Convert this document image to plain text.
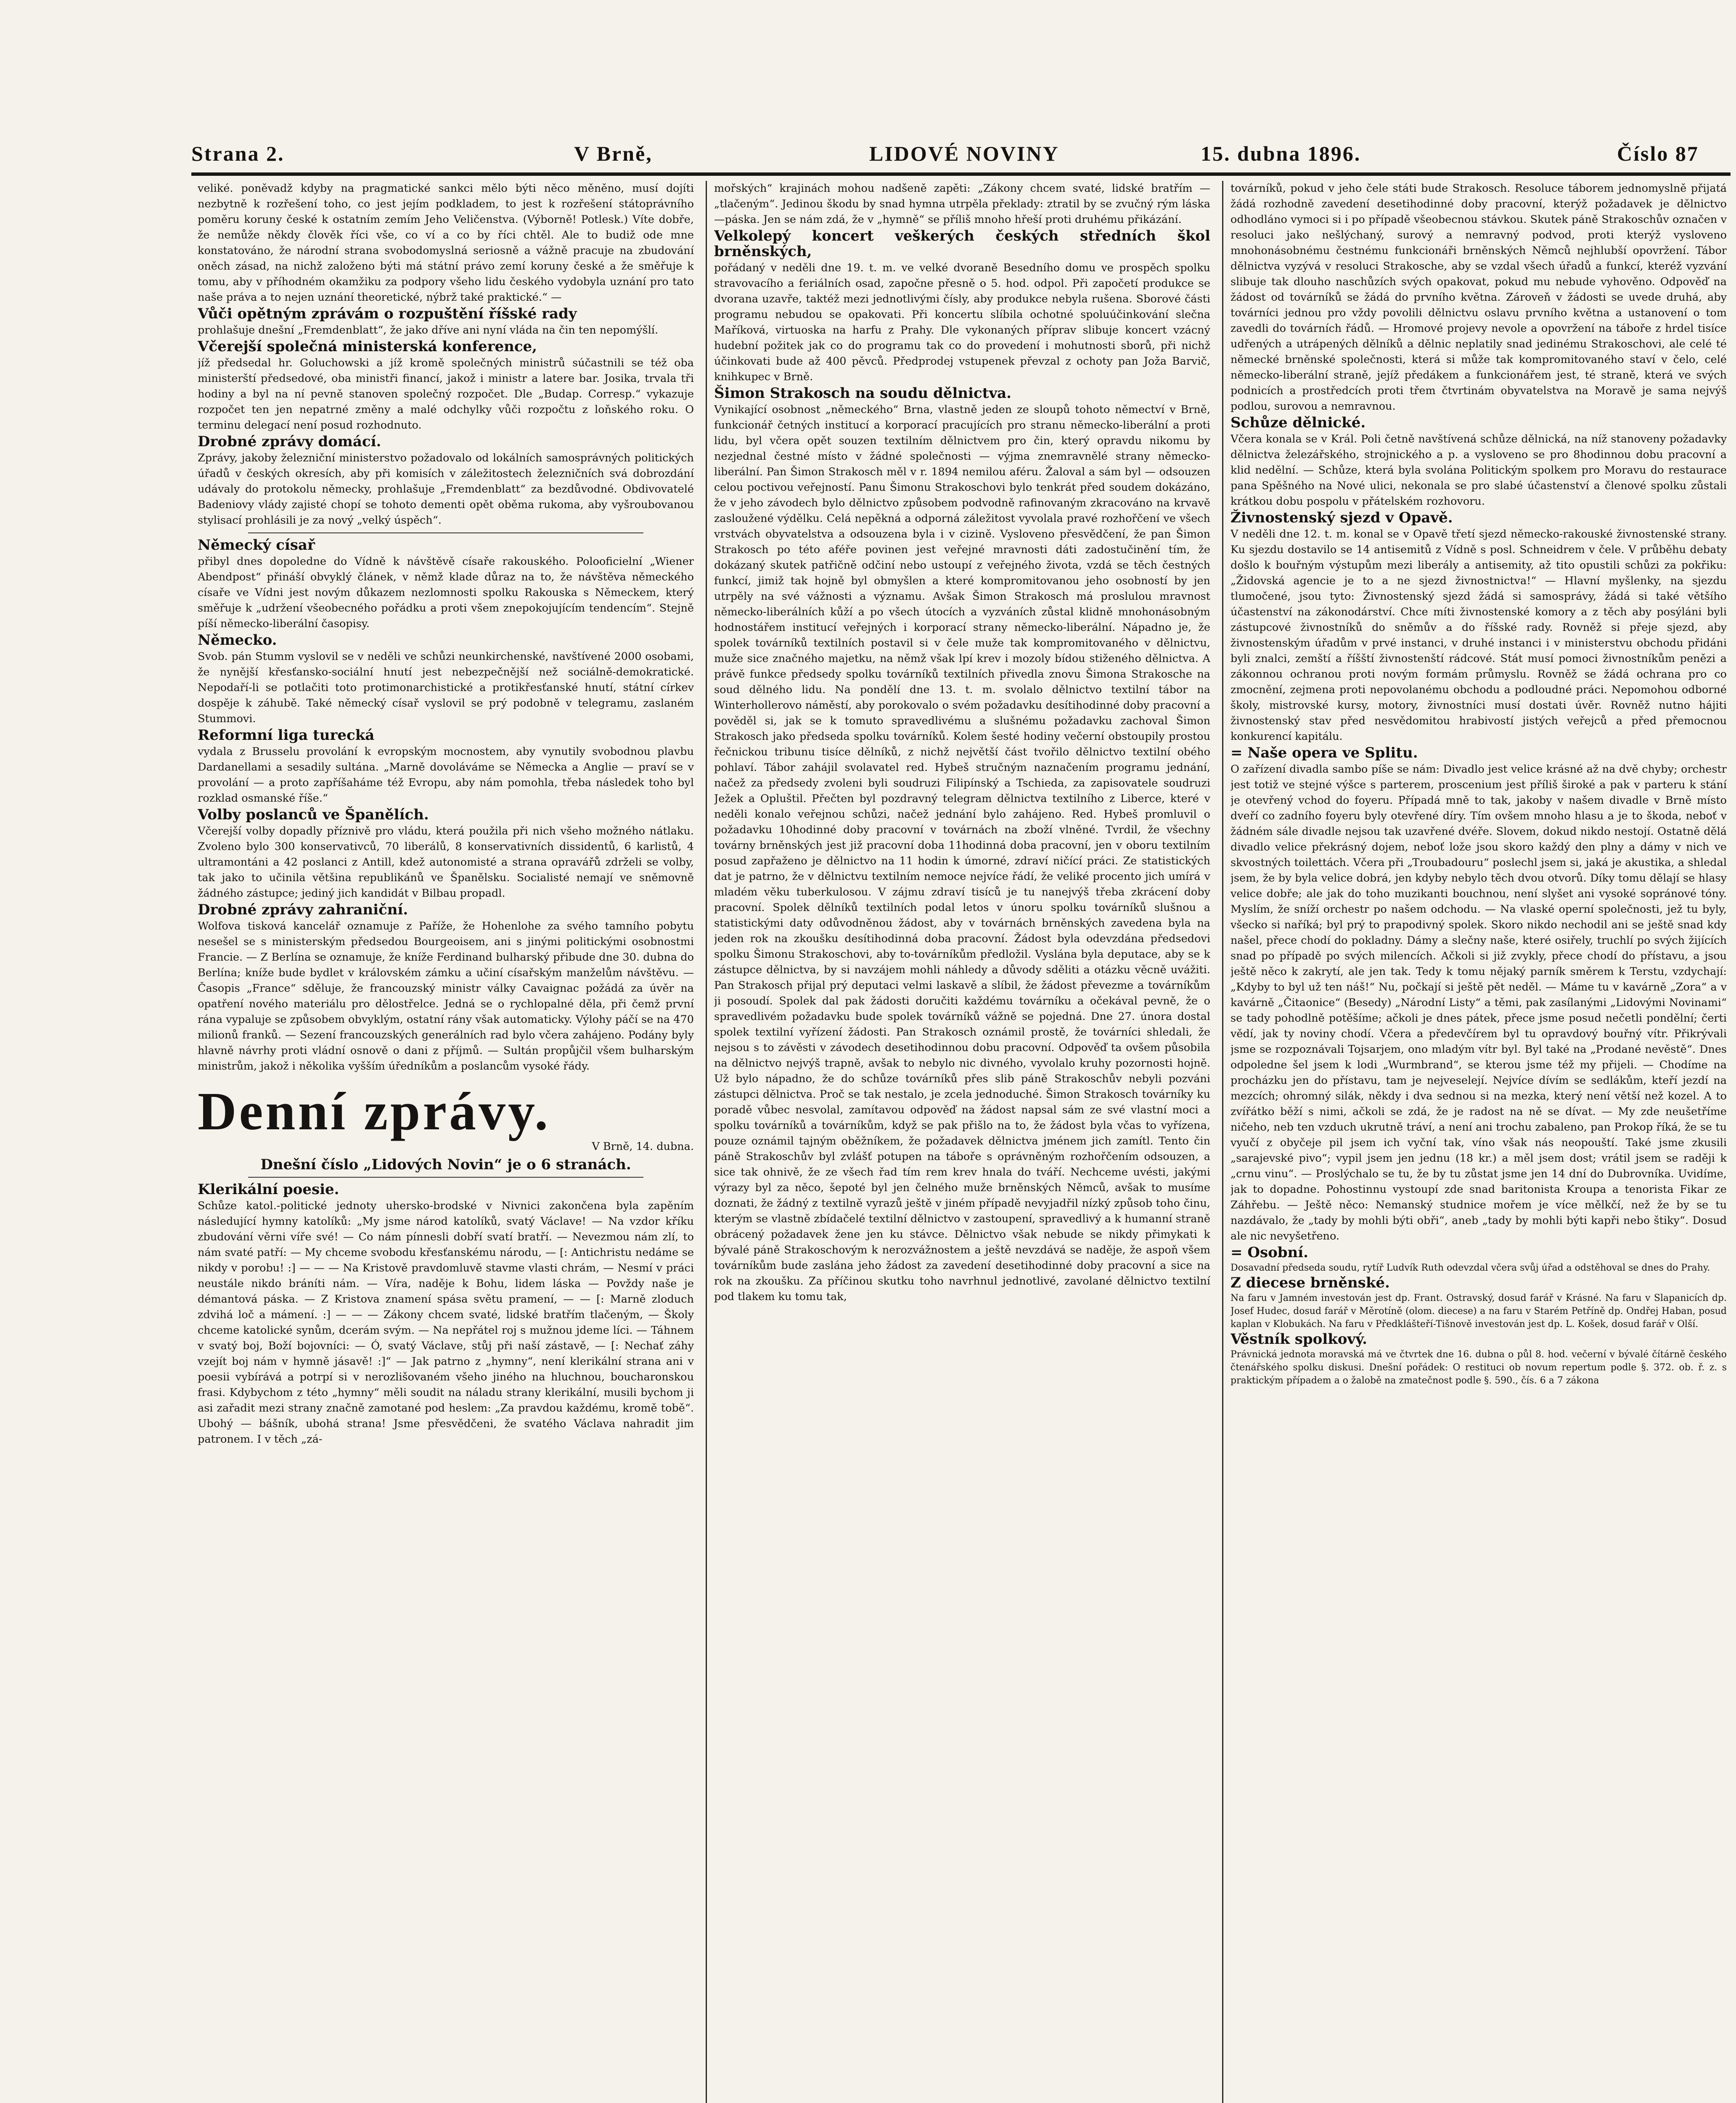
Strana 2.	V Brně,	LIDOVÉ NOVINY	15. dubna 1896.	Číslo 87

veliké. poněvadž kdyby na pragmatické sankci mělo býti něco měněno, musí dojíti nezbytně k rozřešení toho, co jest jejím podkladem, to jest k rozřešení státoprávního poměru koruny české k ostatním zemím Jeho Veličenstva. (Výborně! Potlesk.) Víte dobře, že nemůže někdy člověk říci vše, co ví a co by říci chtěl. Ale to budiž ode mne konstatováno, že národní strana svobodomyslná seriosně a vážně pracuje na zbudování oněch zásad, na nichž založeno býti má státní právo zemí koruny české a že směřuje k tomu, aby v příhodném okamžiku za podpory všeho lidu českého vydobyla uznání pro tato naše práva a to nejen uznání theoretické, nýbrž také praktické.“ —

Vůči opětným zprávám o rozpuštění říšské rady

prohlašuje dnešní „Fremdenblatt“, že jako dříve ani nyní vláda na čin ten nepomýšlí.

Včerejší společná ministerská konference,

jíž předsedal hr. Goluchowski a jíž kromě společných ministrů súčastnili se též oba ministerští předsedové, oba ministři financí, jakož i ministr a latere bar. Josika, trvala tři hodiny a byl na ní pevně stanoven společný rozpočet. Dle „Budap. Corresp.“ vykazuje rozpočet ten jen nepatrné změny a malé odchylky vůči rozpočtu z loňského roku. O terminu delegací není posud rozhodnuto.

Drobné zprávy domácí.

Zprávy, jakoby železniční ministerstvo požadovalo od lokálních samosprávných politických úřadů v českých okresích, aby při komisích v záležitostech železničních svá dobrozdání udávaly do protokolu německy, prohlašuje „Fremdenblatt“ za bezdůvodné. Obdivovatelé Badeniovy vlády zajisté chopí se tohoto dementi opět oběma rukoma, aby vyšroubovanou stylisací prohlásili je za nový „velký úspěch“.

Německý císař

přibyl dnes dopoledne do Vídně k návštěvě císaře rakouského. Polooficielní „Wiener Abendpost“ přináší obvyklý článek, v němž klade důraz na to, že návštěva německého císaře ve Vídni jest novým důkazem nezlomnosti spolku Rakouska s Německem, který směřuje k „udržení všeobecného pořádku a proti všem znepokojujícím tendencím“. Stejně píší německo-liberální časopisy.

Německo.

Svob. pán Stumm vyslovil se v neděli ve schůzi neunkirchenské, navštívené 2000 osobami, že nynější křesťansko-sociální hnutí jest nebezpečnější než sociálně-demokratické. Nepodaří-li se potlačiti toto protimonarchistické a protikřesťanské hnutí, státní církev dospěje k záhubě. Také německý císař vyslovil se prý podobně v telegramu, zaslaném Stummovi.

Reformní liga turecká

vydala z Brusselu provolání k evropským mocnostem, aby vynutily svobodnou plavbu Dardanellami a sesadily sultána. „Marně dovoláváme se Německa a Anglie — praví se v provolání — a proto zapříšaháme též Evropu, aby nám pomohla, třeba následek toho byl rozklad osmanské říše.“

Volby poslanců ve Španělích.

Včerejší volby dopadly příznivě pro vládu, která použila při nich všeho možného nátlaku. Zvoleno bylo 300 konservativců, 70 liberálů, 8 konservativních dissidentů, 6 karlistů, 4 ultramontáni a 42 poslanci z Antill, kdež autonomisté a strana opravářů zdrželi se volby, tak jako to učinila většina republikánů ve Španělsku. Socialisté nemají ve sněmovně žádného zástupce; jediný jich kandidát v Bilbau propadl.

Drobné zprávy zahraniční.

Wolfova tisková kancelář oznamuje z Paříže, že Hohenlohe za svého tamního pobytu nesešel se s ministerským předsedou Bourgeoisem, ani s jinými politickými osobnostmi Francie. — Z Berlína se oznamuje, že kníže Ferdinand bulharský přibude dne 30. dubna do Berlína; kníže bude bydlet v královském zámku a učiní císařským manželům návštěvu. — Časopis „France“ sděluje, že francouzský ministr války Cavaignac požádá za úvěr na opatření nového materiálu pro dělostřelce. Jedná se o rychlopalné děla, při čemž první rána vypaluje se způsobem obvyklým, ostatní rány však automaticky. Výlohy páčí se na 470 milionů franků. — Sezení francouzských generálních rad bylo včera zahájeno. Podány byly hlavně návrhy proti vládní osnově o dani z příjmů. — Sultán propůjčil všem bulharským ministrům, jakož i několika vyšším úředníkům a poslancům vysoké řády.

Denní zprávy.

V Brně, 14. dubna.

Dnešní číslo „Lidových Novin“ je o 6 stranách.

Klerikální poesie.

Schůze katol.-politické jednoty uhersko-brodské v Nivnici zakončena byla zapěním následující hymny katolíků: „My jsme národ katolíků, svatý Václave! — Na vzdor kříku zbudování věrni víře své! — Co nám pínnesli dobří svatí bratří. — Nevezmou nám zlí, to nám svaté patří: — My chceme svobodu křesťanskému národu, — [: Antichristu nedáme se nikdy v porobu! :] — — — Na Kristově pravdomluvě stavme vlasti chrám, — Nesmí v práci neustále nikdo bráníti nám. — Víra, naděje k Bohu, lidem láska — Povždy naše je démantová páska. — Z Kristova znamení spása světu pramení, — — [: Marně zloduch zdvihá loč a mámení. :] — — — Zákony chcem svaté, lidské bratřím tlačeným, — Školy chceme katolické synům, dcerám svým. — Na nepřátel roj s mužnou jdeme líci. — Táhnem v svatý boj, Boží bojovníci: — Ó, svatý Václave, stůj při naší zástavě, — [: Nechať záhy vzejít boj nám v hymně jásavě! :]“ — Jak patrno z „hymny“, není klerikální strana ani v poesii vybírává a potrpí si v nerozlišovaném všeho jiného na hluchnou, boucharonskou frasi. Kdybychom z této „hymny“ měli soudit na náladu strany klerikální, musili bychom ji asi zařadit mezi strany značně zamotané pod heslem: „Za pravdou každému, kromě tobě“. Ubohý — bášník, ubohá strana! Jsme přesvědčeni, že svatého Václava nahradit jim patronem. I v těch „zá-

mořských“ krajinách mohou nadšeně zapěti: „Zákony chcem svaté, lidské bratřím — „tlačeným“. Jedinou škodu by snad hymna utrpěla překlady: ztratil by se zvučný rým láska—páska. Jen se nám zdá, že v „hymně“ se příliš mnoho hřeší proti druhému přikázání.

Velkolepý koncert veškerých českých středních škol brněnských,

pořádaný v neděli dne 19. t. m. ve velké dvoraně Besedního domu ve prospěch spolku stravovacího a feriálních osad, započne přesně o 5. hod. odpol. Při započetí produkce se dvorana uzavře, taktéž mezi jednotlivými čísly, aby produkce nebyla rušena. Sborové části programu nebudou se opakovati. Při koncertu slíbila ochotné spoluúčinkování slečna Maříková, virtuoska na harfu z Prahy. Dle vykonaných příprav slibuje koncert vzácný hudební požitek jak co do programu tak co do provedení i mohutnosti sborů, při nichž účinkovati bude až 400 pěvců. Předprodej vstupenek převzal z ochoty pan Joža Barvič, knihkupec v Brně.

Šimon Strakosch na soudu dělnictva.

Vynikající osobnost „německého“ Brna, vlastně jeden ze sloupů tohoto němectví v Brně, funkcionář četných institucí a korporací pracujících pro stranu německo-liberální a proti lidu, byl včera opět souzen textilním dělnictvem pro čin, který opravdu nikomu by nezjednal čestné místo v žádné společnosti — výjma znemravnělé strany německo-liberální. Pan Šimon Strakosch měl v r. 1894 nemilou aféru. Žaloval a sám byl — odsouzen celou poctivou veřejností. Panu Šimonu Strakoschovi bylo tenkrát před soudem dokázáno, že v jeho závodech bylo dělnictvo způsobem podvodně rafinovaným zkracováno na krvavě zasloužené výdělku. Celá nepěkná a odporná záležitost vyvolala pravé rozhořčení ve všech vrstvách obyvatelstva a odsouzena byla i v cizině. Vysloveno přesvědčení, že pan Šimon Strakosch po této aféře povinen jest veřejné mravnosti dáti zadostučinění tím, že dokázaný skutek patřičně odčiní nebo ustoupí z veřejného života, vzdá se těch čestných funkcí, jimiž tak hojně byl obmyšlen a které kompromitovanou jeho osobností by jen utrpěly na své vážnosti a významu. Avšak Šimon Strakosch má proslulou mravnost německo-liberálních kůží a po všech útocích a vyzváních zůstal klidně mnohonásobným hodnostářem institucí veřejných i korporací strany německo-liberální. Nápadno je, že spolek továrníků textilních postavil si v čele muže tak kompromitovaného v dělnictvu, muže sice značného majetku, na němž však lpí krev i mozoly bídou stiženého dělnictva. A právě funkce předsedy spolku továrníků textilních přivedla znovu Šimona Strakosche na soud dělného lidu. Na pondělí dne 13. t. m. svolalo dělnictvo textilní tábor na Winterhollerovo náměstí, aby porokovalo o svém požadavku desítihodinné doby pracovní a pověděl si, jak se k tomuto spravedlivému a slušnému požadavku zachoval Šimon Strakosch jako předseda spolku továrníků. Kolem šesté hodiny večerní obstoupily prostou řečnickou tribunu tisíce dělníků, z nichž největší část tvořilo dělnictvo textilní obého pohlaví. Tábor zahájil svolavatel red. Hybeš stručným naznačením programu jednání, načež za předsedy zvoleni byli soudruzi Filipínský a Tschieda, za zapisovatele soudruzi Ježek a Opluštil. Přečten byl pozdravný telegram dělnictva textilního z Liberce, které v neděli konalo veřejnou schůzi, načež jednání bylo zahájeno. Red. Hybeš promluvil o požadavku 10hodinné doby pracovní v továrnách na zboží vlněné. Tvrdil, že všechny továrny brněnských jest již pracovní doba 11hodinná doba pracovní, jen v oboru textilním posud zapřaženo je dělnictvo na 11 hodin k úmorné, zdraví ničící práci. Ze statistických dat je patrno, že v dělnictvu textilním nemoce nejvíce řádí, že veliké procento jich umírá v mladém věku tuberkulosou. V zájmu zdraví tisíců je tu nanejvýš třeba zkrácení doby pracovní. Spolek dělníků textilních podal letos v únoru spolku továrníků slušnou a statistickými daty odůvodněnou žádost, aby v továrnách brněnských zavedena byla na jeden rok na zkoušku desítihodinná doba pracovní. Žádost byla odevzdána předsedovi spolku Šimonu Strakoschovi, aby to-továrníkům předložil. Vyslána byla deputace, aby se k zástupce dělnictva, by si navzájem mohli náhledy a důvody sděliti a otázku věcně uvážiti. Pan Strakosch přijal prý deputaci velmi laskavě a slíbil, že žádost převezme a továrníkům ji posoudí. Spolek dal pak žádosti doručiti každému továrníku a očekával pevně, že o spravedlivém požadavku bude spolek továrníků vážně se pojedná. Dne 27. února dostal spolek textilní vyřízení žádosti. Pan Strakosch oznámil prostě, že továrníci shledali, že nejsou s to závěsti v závodech desetihodinnou dobu pracovní. Odpověď ta ovšem působila na dělnictvo nejvýš trapně, avšak to nebylo nic divného, vyvolalo kruhy pozornosti hojně. Už bylo nápadno, že do schůze továrníků přes slib páně Strakoschův nebyli pozváni zástupci dělnictva. Proč se tak nestalo, je zcela jednoduché. Šimon Strakosch továrníky ku poradě vůbec nesvolal, zamítavou odpověď na žádost napsal sám ze své vlastní moci a spolku továrníků a továrníkům, když se pak přišlo na to, že žádost byla včas to vyřízena, pouze oznámil tajným oběžníkem, že požadavek dělnictva jménem jich zamítl. Tento čin páně Strakoschův byl zvlášť potupen na táboře s oprávněným rozhořčením odsouzen, a sice tak ohnivě, že ze všech řad tím rem krev hnala do tváří. Nechceme uvésti, jakými výrazy byl za něco, šepoté byl jen čelného muže brněnských Němců, avšak to musíme doznati, že žádný z textilně vyrazů ještě v jiném případě nevyjadřil nízký způsob toho činu, kterým se vlastně zbídačelé textilní dělnictvo v zastoupení, spravedlivý a k humanní straně obrácený požadavek žene jen ku stávce. Dělnictvo však nebude se nikdy přimykati k bývalé páně Strakoschovým k nerozvážnostem a ještě nevzdává se naděje, že aspoň všem továrníkům bude zaslána jeho žádost za zavedení desetihodinné doby pracovní a sice na rok na zkoušku. Za příčinou skutku toho navrhnul jednotlivé, zavolané dělnictvo textilní pod tlakem ku tomu tak,

továrníků, pokud v jeho čele státi bude Strakosch. Resoluce táborem jednomyslně přijatá žádá rozhodně zavedení desetihodinné doby pracovní, kterýž požadavek je dělnictvo odhodláno vymoci si i po případě všeobecnou stávkou. Skutek páně Strakoschův označen v resoluci jako nešlýchaný, surový a nemravný podvod, proti kterýž vysloveno mnohonásobnému čestnému funkcionáři brněnských Němců nejhlubší opovržení. Tábor dělnictva vyzývá v resoluci Strakosche, aby se vzdal všech úřadů a funkcí, kteréž vyzvání slibuje tak dlouho naschůzích svých opakovat, pokud mu nebude vyhověno. Odpověď na žádost od továrníků se žádá do prvního května. Zároveň v žádosti se uvede druhá, aby továrníci jednou pro vždy povolili dělnictvu oslavu prvního května a ustanovení o tom zavedli do továrních řádů. — Hromové projevy nevole a opovržení na táboře z hrdel tisíce udřených a utrápených dělníků a dělnic neplatily snad jedinému Strakoschovi, ale celé té německé brněnské společnosti, která si může tak kompromitovaného staví v čelo, celé německo-liberální straně, jejíž předákem a funkcionářem jest, té straně, která ve svých podnicích a prostředcích proti třem čtvrtinám obyvatelstva na Moravě je sama nejvýš podlou, surovou a nemravnou.

Schůze dělnické.

Včera konala se v Král. Poli četně navštívená schůze dělnická, na níž stanoveny požadavky dělnictva železářského, strojnického a p. a vysloveno se pro 8hodinnou dobu pracovní a klid nedělní. — Schůze, která byla svolána Politickým spolkem pro Moravu do restaurace pana Spěšného na Nové ulici, nekonala se pro slabé účastenství a členové spolku zůstali krátkou dobu pospolu v přátelském rozhovoru.

Živnostenský sjezd v Opavě.

V neděli dne 12. t. m. konal se v Opavě třetí sjezd německo-rakouské živnostenské strany. Ku sjezdu dostavilo se 14 antisemitů z Vídně s posl. Schneidrem v čele. V průběhu debaty došlo k bouřným výstupům mezi liberály a antisemity, až tito opustili schůzi za pokřiku: „Židovská agencie je to a ne sjezd živnostnictva!“ — Hlavní myšlenky, na sjezdu tlumočené, jsou tyto: Živnostenský sjezd žádá si samosprávy, žádá si také většího účastenství na zákonodárství. Chce míti živnostenské komory a z těch aby posýláni byli zástupcové živnostníků do sněmův a do říšské rady. Rovněž si přeje sjezd, aby živnostenským úřadům v prvé instanci, v druhé instanci i v ministerstvu obchodu přidáni byli znalci, zemští a říšští živnostenští rádcové. Stát musí pomoci živnostníkům penězi a zákonnou ochranou proti novým formám průmyslu. Rovněž se žádá ochrana pro co zmocnění, zejmena proti nepovolanému obchodu a podloudné práci. Nepomohou odborné školy, mistrovské kursy, motory, živnostníci musí dostati úvěr. Rovněž nutno hájiti živnostenský stav před nesvědomitou hrabivostí jistých veřejců a před přemocnou konkurencí kapitálu.

= Naše opera ve Splitu.

O zařízení divadla sambo píše se nám: Divadlo jest velice krásné až na dvě chyby; orchestr jest totiž ve stejné výšce s parterem, proscenium jest příliš široké a pak v parteru k stání je otevřený vchod do foyeru. Případá mně to tak, jakoby v našem divadle v Brně místo dveří co zadního foyeru byly otevřené díry. Tím ovšem mnoho hlasu a je to škoda, neboť v žádném sále divadle nejsou tak uzavřené dvéře. Slovem, dokud nikdo nestojí. Ostatně dělá divadlo velice překrásný dojem, neboť lože jsou skoro každý den plny a dámy v nich ve skvostných toilettách. Včera při „Troubadouru“ poslechl jsem si, jaká je akustika, a shledal jsem, že by byla velice dobrá, jen kdyby nebylo těch dvou otvorů. Díky tomu dělají se hlasy velice dobře; ale jak do toho muzikanti bouchnou, není slyšet ani vysoké sopránové tóny. Myslím, že sníží orchestr po našem odchodu. — Na vlaské operní společnosti, jež tu byly, všecko si naříká; byl prý to prapodivný spolek. Skoro nikdo nechodil ani se ještě snad kdy našel, přece chodí do pokladny. Dámy a slečny naše, které osiřely, truchlí po svých žijících snad po případě po svých milencích. Ačkoli si již zvykly, přece chodí do přístavu, a jsou ještě něco k zakrytí, ale jen tak. Tedy k tomu nějaký parník směrem k Terstu, vzdychají: „Kdyby to byl už ten náš!“ Nu, počkají si ještě pět neděl. — Máme tu v kavárně „Zora“ a v kavárně „Čitaonice“ (Besedy) „Národní Listy“ a těmi, pak zasílanými „Lidovými Novinami“ se tady pohodlně potěšíme; ačkoli je dnes pátek, přece jsme posud nečetli pondělní; čerti vědí, jak ty noviny chodí. Včera a předevčírem byl tu opravdový bouřný vítr. Přikrývali jsme se rozpoznávali Tojsarjem, ono mladým vítr byl. Byl také na „Prodané nevěstě“. Dnes odpoledne šel jsem k lodi „Wurmbrand“, se kterou jsme též my přijeli. — Chodíme na procházku jen do přístavu, tam je nejveselejí. Nejvíce dívím se sedlákům, kteří jezdí na mezcích; ohromný silák, někdy i dva sednou si na mezka, který není větší než kozel. A to zvířátko běží s nimi, ačkoli se zdá, že je radost na ně se dívat. — My zde neušetříme ničeho, neb ten vzduch ukrutně tráví, a není ani trochu zabaleno, pan Prokop říká, že se tu vyučí z obyčeje pil jsem ich vyční tak, víno však nás neopouští. Také jsme zkusili „sarajevské pivo“; vypil jsem jen jednu (18 kr.) a měl jsem dost; vrátil jsem se raději k „crnu vinu“. — Proslýchalo se tu, že by tu zůstat jsme jen 14 dní do Dubrovníka. Uvidíme, jak to dopadne. Pohostinnu vystoupí zde snad baritonista Kroupa a tenorista Fikar ze Záhřebu. — Ještě něco: Nemanský studnice mořem je více mělkčí, než že by se tu nazdávalo, že „tady by mohli býti obři“, aneb „tady by mohli býti kapři nebo štiky“. Dosud ale nic nevyšetřeno.

= Osobní.

Dosavadní předseda soudu, rytíř Ludvík Ruth odevzdal včera svůj úřad a odstěhoval se dnes do Prahy.

Z diecese brněnské.

Na faru v Jamném investován jest dp. Frant. Ostravský, dosud farář v Krásné. Na faru v Slapanicích dp. Josef Hudec, dosud farář v Měrotíně (olom. diecese) a na faru v Starém Petříně dp. Ondřej Haban, posud kaplan v Klobukách. Na faru v Předklášteří-Tišnově investován jest dp. L. Košek, dosud farář v Olší.

Věstník spolkový.

Právnická jednota moravská má ve čtvrtek dne 16. dubna o půl 8. hod. večerní v bývalé čítárně českého čtenářského spolku diskusi. Dnešní pořádek: O restituci ob novum repertum podle §. 372. ob. ř. z. s praktickým případem a o žalobě na zmatečnost podle §. 590., čís. 6 a 7 zákona
